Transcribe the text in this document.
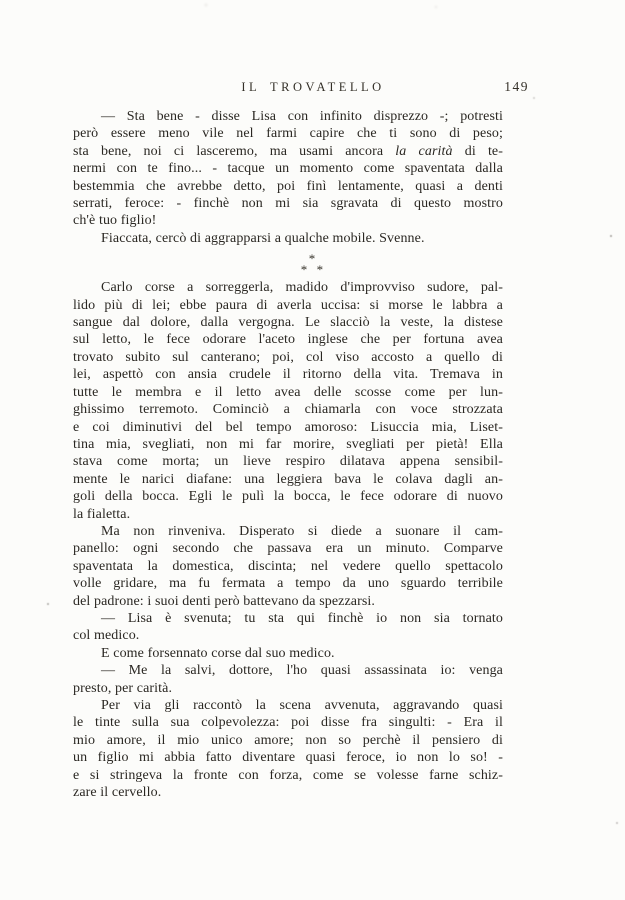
IL TROVATELLO	149
— Sta bene - disse Lisa con infinito disprezzo -; potresti
però essere meno vile nel farmi capire che ti sono di peso;
sta bene, noi ci lasceremo, ma usami ancora la carità di te-
nermi con te fino... - tacque un momento come spaventata dalla
bestemmia che avrebbe detto, poi finì lentamente, quasi a denti
serrati, feroce: - finchè non mi sia sgravata di questo mostro
ch'è tuo figlio!
Fiaccata, cercò di aggrapparsi a qualche mobile. Svenne.
*
* *
Carlo corse a sorreggerla, madido d'improvviso sudore, pal-
lido più di lei; ebbe paura di averla uccisa: si morse le labbra a
sangue dal dolore, dalla vergogna. Le slacciò la veste, la distese
sul letto, le fece odorare l'aceto inglese che per fortuna avea
trovato subito sul canterano; poi, col viso accosto a quello di
lei, aspettò con ansia crudele il ritorno della vita. Tremava in
tutte le membra e il letto avea delle scosse come per lun-
ghissimo terremoto. Cominciò a chiamarla con voce strozzata
e coi diminutivi del bel tempo amoroso: Lisuccia mia, Liset-
tina mia, svegliati, non mi far morire, svegliati per pietà! Ella
stava come morta; un lieve respiro dilatava appena sensibil-
mente le narici diafane: una leggiera bava le colava dagli an-
goli della bocca. Egli le pulì la bocca, le fece odorare di nuovo
la fialetta.
Ma non rinveniva. Disperato si diede a suonare il cam-
panello: ogni secondo che passava era un minuto. Comparve
spaventata la domestica, discinta; nel vedere quello spettacolo
volle gridare, ma fu fermata a tempo da uno sguardo terribile
del padrone: i suoi denti però battevano da spezzarsi.
— Lisa è svenuta; tu sta qui finchè io non sia tornato
col medico.
E come forsennato corse dal suo medico.
— Me la salvi, dottore, l'ho quasi assassinata io: venga
presto, per carità.
Per via gli raccontò la scena avvenuta, aggravando quasi
le tinte sulla sua colpevolezza: poi disse fra singulti: - Era il
mio amore, il mio unico amore; non so perchè il pensiero di
un figlio mi abbia fatto diventare quasi feroce, io non lo so! -
e si stringeva la fronte con forza, come se volesse farne schiz-
zare il cervello.
